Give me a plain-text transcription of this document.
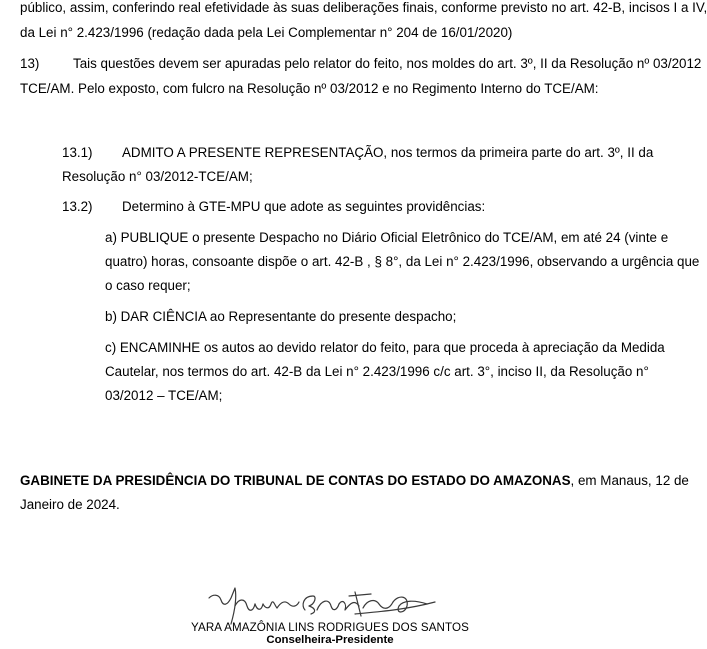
público, assim, conferindo real efetividade às suas deliberações finais, conforme previsto no art. 42-B, incisos I a IV,
da Lei n° 2.423/1996 (redação dada pela Lei Complementar n° 204 de 16/01/2020)
13)	Tais questões devem ser apuradas pelo relator do feito, nos moldes do art. 3º, II da Resolução nº 03/2012
TCE/AM. Pelo exposto, com fulcro na Resolução nº 03/2012 e no Regimento Interno do TCE/AM:
13.1) ADMITO A PRESENTE REPRESENTAÇÃO, nos termos da primeira parte do art. 3º, II da
Resolução n° 03/2012-TCE/AM;
13.2) Determino à GTE-MPU que adote as seguintes providências:
a) PUBLIQUE o presente Despacho no Diário Oficial Eletrônico do TCE/AM, em até 24 (vinte e
quatro) horas, consoante dispõe o art. 42-B , § 8°, da Lei n° 2.423/1996, observando a urgência que
o caso requer;
b) DAR CIÊNCIA ao Representante do presente despacho;
c) ENCAMINHE os autos ao devido relator do feito, para que proceda à apreciação da Medida
Cautelar, nos termos do art. 42-B da Lei n° 2.423/1996 c/c art. 3°, inciso II, da Resolução n°
03/2012 – TCE/AM;
GABINETE DA PRESIDÊNCIA DO TRIBUNAL DE CONTAS DO ESTADO DO AMAZONAS, em Manaus, 12 de
Janeiro de 2024.
YARA AMAZÔNIA LINS RODRIGUES DOS SANTOS
Conselheira-Presidente
